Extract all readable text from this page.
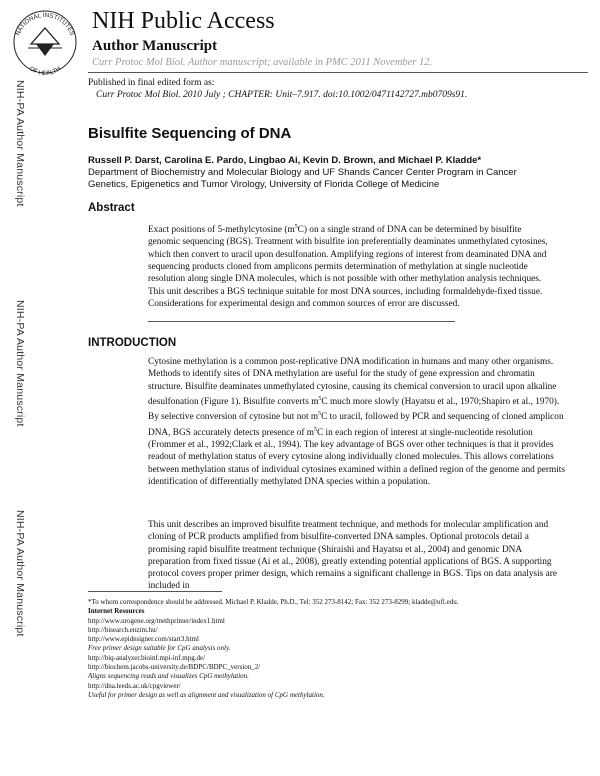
NATIONAL INSTITUTES
OF HEALTH
NIH Public Access
Author Manuscript
Curr Protoc Mol Biol. Author manuscript; available in PMC 2011 November 12.
Published in final edited form as:
Curr Protoc Mol Biol. 2010 July ; CHAPTER: Unit–7.917. doi:10.1002/0471142727.mb0709s91.
NIH-PA Author Manuscript
NIH-PA Author Manuscript
NIH-PA Author Manuscript
Bisulfite Sequencing of DNA
Russell P. Darst, Carolina E. Pardo, Lingbao Ai, Kevin D. Brown, and Michael P. Kladde*
Department of Biochemistry and Molecular Biology and UF Shands Cancer Center Program in Cancer Genetics, Epigenetics and Tumor Virology, University of Florida College of Medicine
Abstract
Exact positions of 5-methylcytosine $(m^5C)$ on a single strand of DNA can be determined by bisulfite genomic sequencing (BGS). Treatment with bisulfite ion preferentially deaminates unmethylated cytosines, which then convert to uracil upon desulfonation. Amplifying regions of interest from deaminated DNA and sequencing products cloned from amplicons permits determination of methylation at single nucleotide resolution along single DNA molecules, which is not possible with other methylation analysis techniques. This unit describes a BGS technique suitable for most DNA sources, including formaldehyde-fixed tissue. Considerations for experimental design and common sources of error are discussed.
INTRODUCTION
Cytosine methylation is a common post-replicative DNA modification in humans and many other organisms. Methods to identify sites of DNA methylation are useful for the study of gene expression and chromatin structure. Bisulfite deaminates unmethylated cytosine, causing its chemical conversion to uracil upon alkaline desulfonation (Figure 1). Bisulfite converts $m^5C$ much more slowly (Hayatsu et al., 1970;Shapiro et al., 1970). By selective conversion of cytosine but not $m^5C$ to uracil, followed by PCR and sequencing of cloned amplicon DNA, BGS accurately detects presence of $m^5C$ in each region of interest at single-nucleotide resolution (Frommer et al., 1992;Clark et al., 1994). The key advantage of BGS over other techniques is that it provides readout of methylation status of every cytosine along individually cloned molecules. This allows correlations between methylation status of individual cytosines examined within a defined region of the genome and permits identification of differentially methylated DNA species within a population.
This unit describes an improved bisulfite treatment technique, and methods for molecular amplification and cloning of PCR products amplified from bisulfite-converted DNA samples. Optional protocols detail a promising rapid bisulfite treatment technique (Shiraishi and Hayatsu et al., 2004) and genomic DNA preparation from fixed tissue (Ai et al., 2008), greatly extending potential applications of BGS. A supporting protocol covers proper primer design, which remains a significant challenge in BGS. Tips on data analysis are included in
*To whom correspondence should be addressed. Michael P. Kladde, Ph.D., Tel: 352 273-8142; Fax: 352 273-8299; kladde@ufl.edu.
Internet Resources
http://www.urogene.org/methprimer/index1.html
http://bisearch.enzim.hu/
http://www.epidesigner.com/start3.html
Free primer design suitable for CpG analysis only.
http://biq-analyzer.bioinf.mpi-inf.mpg.de/
http://biochem.jacobs-university.de/BDPC/BDPC_version_2/
Aligns sequencing reads and visualizes CpG methylation.
http://dna.leeds.ac.uk/cpgviewer/
Useful for primer design as well as alignment and visualization of CpG methylation.
